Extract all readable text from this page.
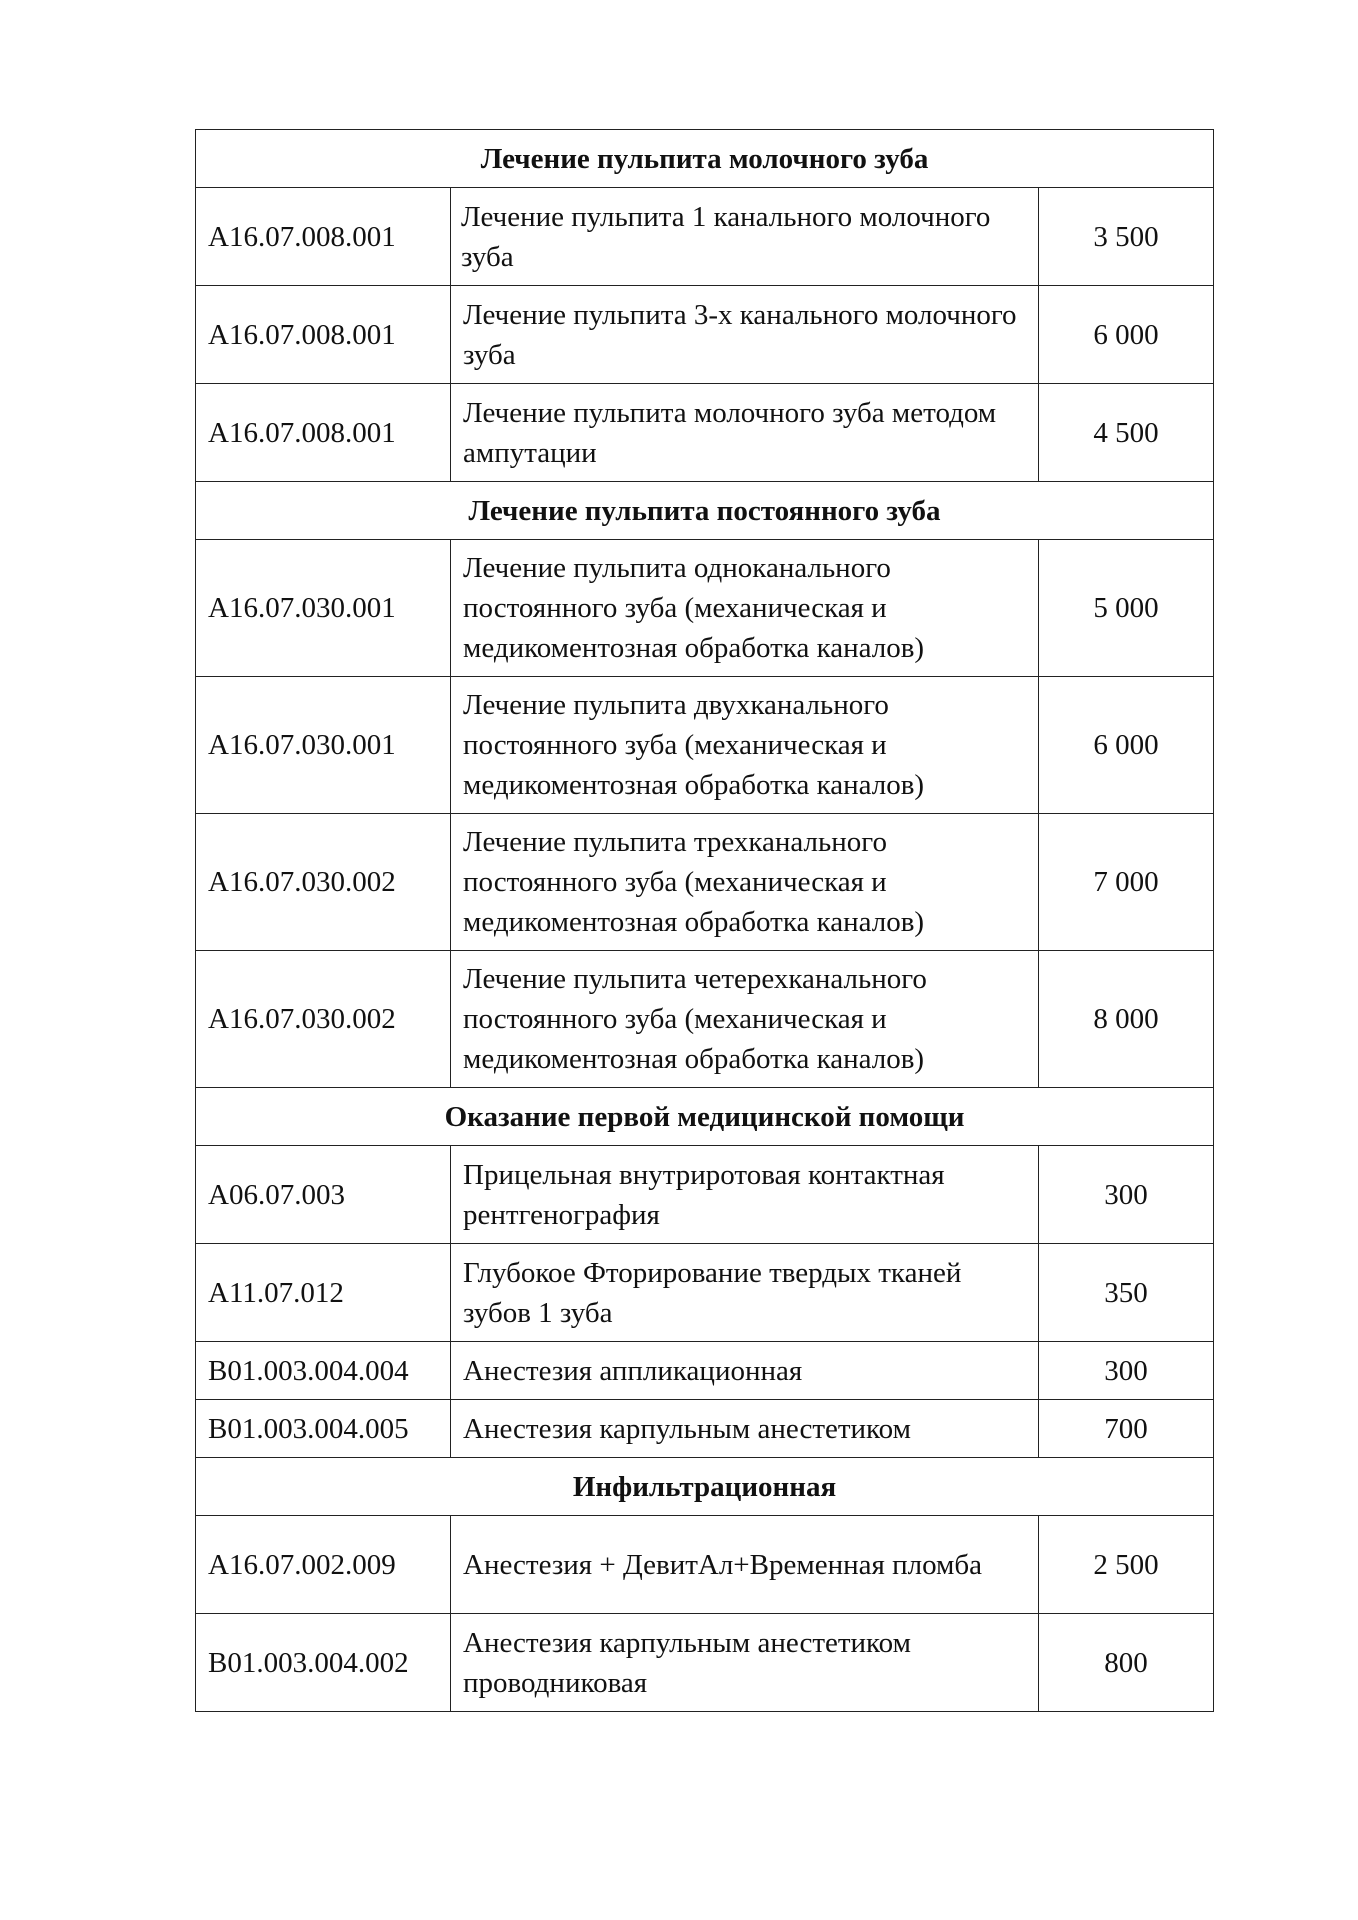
Лечение пульпита молочного зуба		
A16.07.008.001	Лечение пульпита 1 канального молочного зуба	3 500
A16.07.008.001	Лечение пульпита 3-х канального молочного зуба	6 000
A16.07.008.001	Лечение пульпита молочного зуба методом ампутации	4 500
Лечение пульпита постоянного зуба		
A16.07.030.001	Лечение пульпита одноканального постоянного зуба (механическая и медикоментозная обработка каналов)	5 000
A16.07.030.001	Лечение пульпита двухканального постоянного зуба (механическая и медикоментозная обработка каналов)	6 000
A16.07.030.002	Лечение пульпита трехканального постоянного зуба (механическая и медикоментозная обработка каналов)	7 000
A16.07.030.002	Лечение пульпита четерехканального постоянного зуба (механическая и медикоментозная обработка каналов)	8 000
Оказание первой медицинской помощи		
A06.07.003	Прицельная внутриротовая контактная рентгенография	300
A11.07.012	Глубокое Фторирование твердых тканей зубов 1 зуба	350
B01.003.004.004	Анестезия аппликационная	300
B01.003.004.005	Анестезия карпульным анестетиком	700
Инфильтрационная		
A16.07.002.009	Анестезия + ДевитАл+Временная пломба	2 500
B01.003.004.002	Анестезия карпульным анестетиком проводниковая	800
